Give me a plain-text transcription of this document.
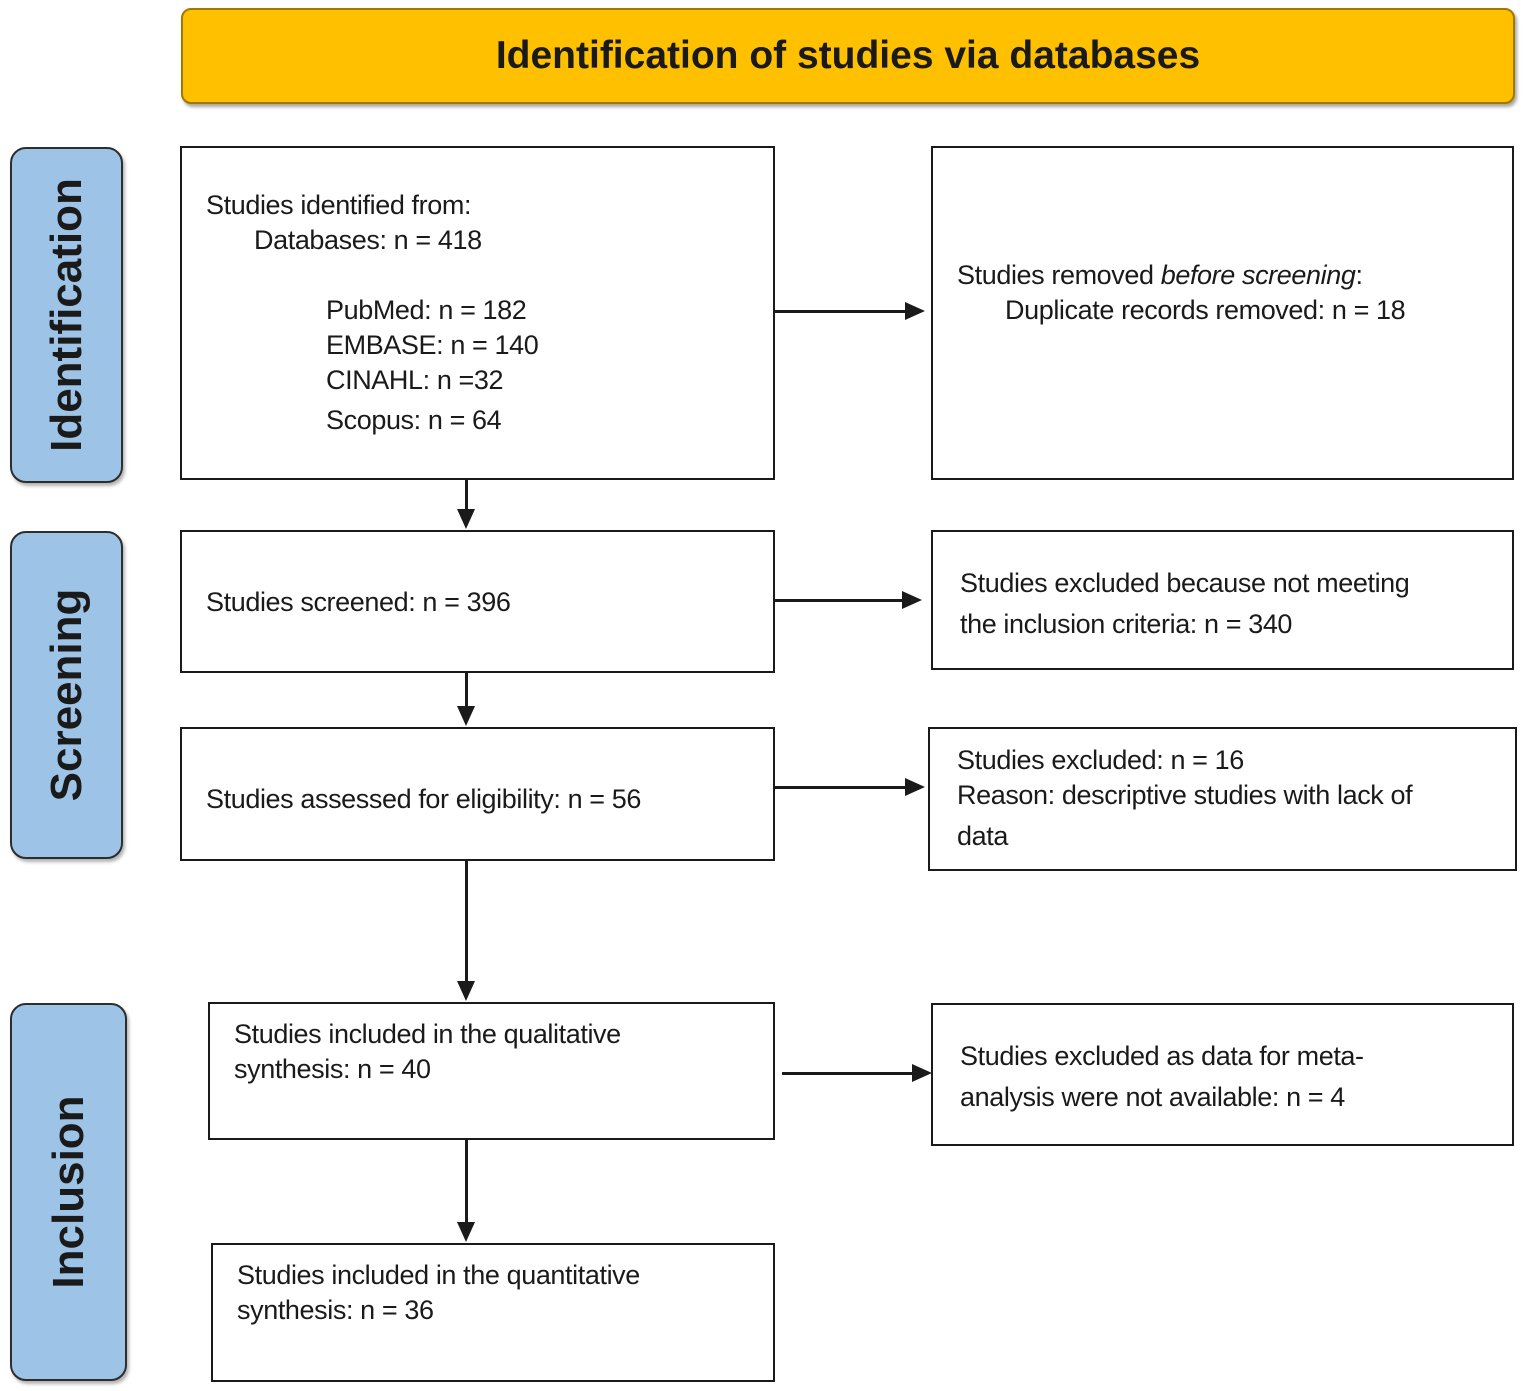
Identification of studies via databases
Identification
Screening
Inclusion
Studies identified from:
Databases: n = 418
PubMed: n = 182
EMBASE: n = 140
CINAHL: n =32
Scopus: n = 64
Studies removed before screening:
Duplicate records removed: n = 18
Studies screened: n = 396
Studies excluded because not meeting
the inclusion criteria: n = 340
Studies assessed for eligibility: n = 56
Studies excluded: n = 16
Reason: descriptive studies with lack of
data
Studies included in the qualitative
synthesis: n = 40	Studies excluded as data for meta-
analysis were not available: n = 4
Studies included in the quantitative
synthesis: n = 36
